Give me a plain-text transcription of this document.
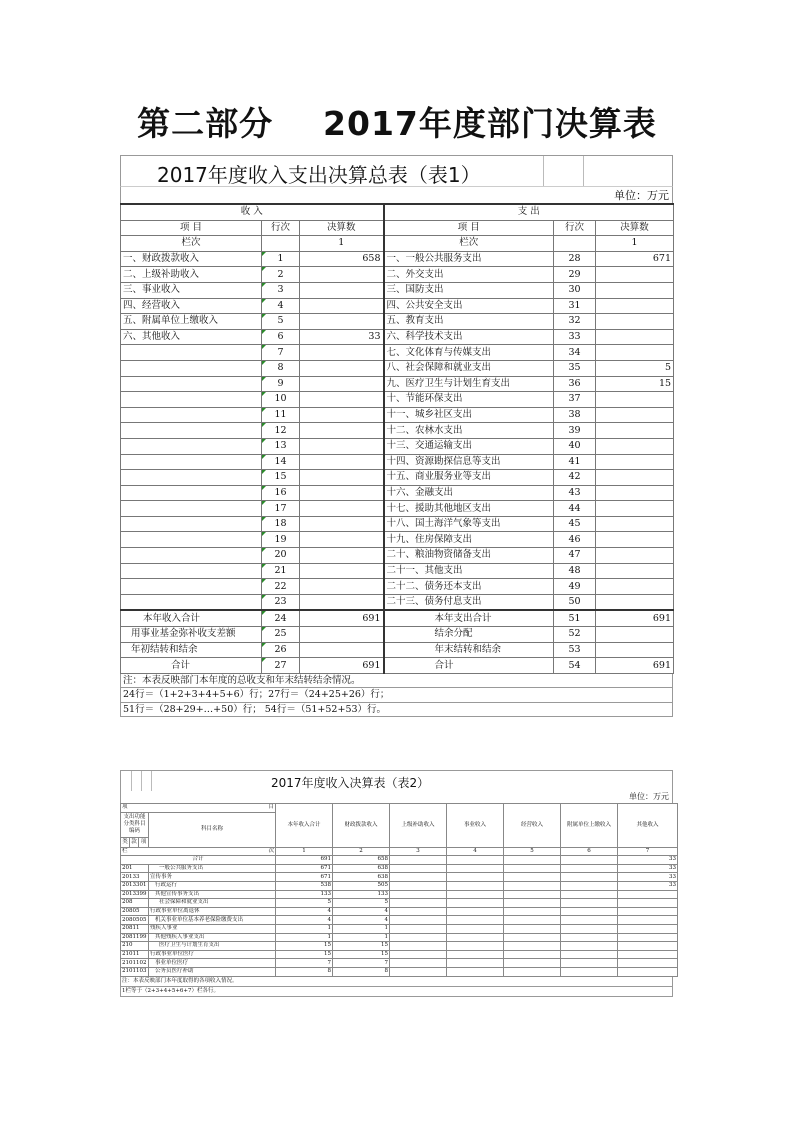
第二部分    2017年度部门决算表
2017年度收入支出决算总表（表1）
单位：万元
收 入			支 出		
项 目	行次	决算数	项 目	行次	决算数
栏次		1	栏次		1
一、财政拨款收入	1	658	一、一般公共服务支出	28	671
二、上级补助收入	2		二、外交支出	29	
三、事业收入	3		三、国防支出	30	
四、经营收入	4		四、公共安全支出	31	
五、附属单位上缴收入	5		五、教育支出	32	
六、其他收入	6	33	六、科学技术支出	33	
	7		七、文化体育与传媒支出	34	
	8		八、社会保障和就业支出	35	5
	9		九、医疗卫生与计划生育支出	36	15
	10		十、节能环保支出	37	
	11		十一、城乡社区支出	38	
	12		十二、农林水支出	39	
	13		十三、交通运输支出	40	
	14		十四、资源勘探信息等支出	41	
	15		十五、商业服务业等支出	42	
	16		十六、金融支出	43	
	17		十七、援助其他地区支出	44	
	18		十八、国土海洋气象等支出	45	
	19		十九、住房保障支出	46	
	20		二十、粮油物资储备支出	47	
	21		二十一、其他支出	48	
	22		二十二、债务还本支出	49	
	23		二十三、债务付息支出	50	
本年收入合计	24	691	本年支出合计	51	691
用事业基金弥补收支差额	25		结余分配	52	
年初结转和结余	26		年末结转和结余	53	
合计	27	691	合计	54	691
注：本表反映部门本年度的总收支和年末结转结余情况。
24行＝（1+2+3+4+5+6）行；27行＝（24+25+26）行；
51行＝（28+29+…+50）行； 54行＝（51+52+53）行。
2017年度收入决算表（表2）
单位：万元
项 目				本年收入合计	财政拨款收入	上级补助收入	事业收入	经营收入	附属单位上缴收入	其他收入
支出功能分类科目编码			科目名称							
类	款	项								
栏 次				1	2	3	4	5	6	7
合计				691	658					33
201			一般公共服务支出	671	638					33
20133			宣传事务	671	638					33
2013301			行政运行	538	505					33
2013399			其他宣传事务支出	133	133					
208			社会保障和就业支出	5	5					
20805			行政事业单位离退休	4	4					
2080505			机关事业单位基本养老保险缴费支出	4	4					
20811			残疾人事业	1	1					
2081199			其他残疾人事业支出	1	1					
210			医疗卫生与计划生育支出	15	15					
21011			行政事业单位医疗	15	15					
2101102			事业单位医疗	7	7					
2101103			公务员医疗补助	8	8					
注：本表反映部门本年度取得的各项收入情况。
1栏等于（2+3+4+5+6+7）栏各行。
